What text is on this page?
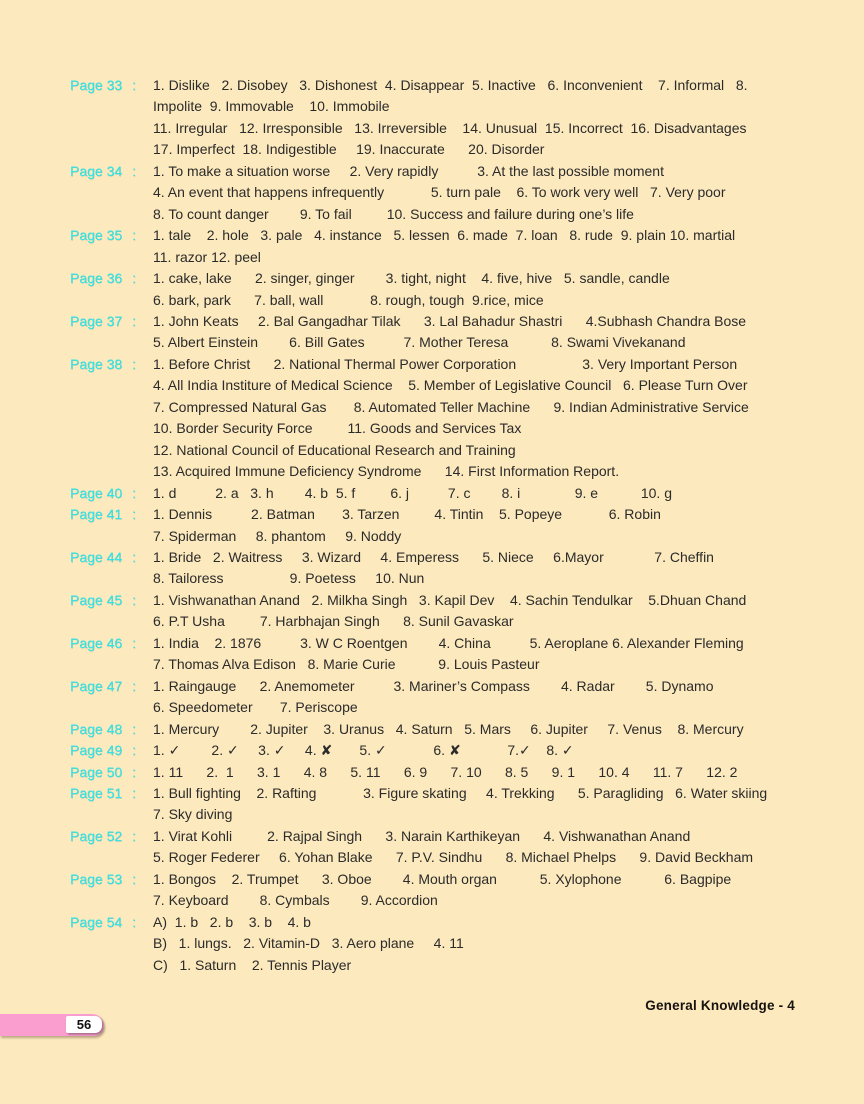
Page 33 : 1. Dislike   2. Disobey   3. Dishonest  4. Disappear  5. Inactive   6. Inconvenient    7. Informal   8.
Impolite  9. Immovable    10. Immobile
11. Irregular   12. Irresponsible   13. Irreversible    14. Unusual  15. Incorrect  16. Disadvantages
17. Imperfect  18. Indigestible     19. Inaccurate      20. Disorder
Page 34 : 1. To make a situation worse     2. Very rapidly          3. At the last possible moment
4. An event that happens infrequently            5. turn pale    6. To work very well   7. Very poor
8. To count danger        9. To fail         10. Success and failure during one’s life
Page 35 : 1. tale    2. hole   3. pale   4. instance   5. lessen  6. made  7. loan   8. rude  9. plain 10. martial
11. razor 12. peel
Page 36 : 1. cake, lake      2. singer, ginger        3. tight, night    4. five, hive   5. sandle, candle
6. bark, park      7. ball, wall            8. rough, tough  9.rice, mice
Page 37 : 1. John Keats     2. Bal Gangadhar Tilak      3. Lal Bahadur Shastri      4.Subhash Chandra Bose
5. Albert Einstein        6. Bill Gates          7. Mother Teresa           8. Swami Vivekanand
Page 38 : 1. Before Christ      2. National Thermal Power Corporation                 3. Very Important Person
4. All India Institure of Medical Science    5. Member of Legislative Council   6. Please Turn Over
7. Compressed Natural Gas       8. Automated Teller Machine      9. Indian Administrative Service
10. Border Security Force         11. Goods and Services Tax
12. National Council of Educational Research and Training
13. Acquired Immune Deficiency Syndrome      14. First Information Report.
Page 40 : 1. d          2. a   3. h        4. b  5. f         6. j          7. c        8. i              9. e           10. g
Page 41 : 1. Dennis          2. Batman       3. Tarzen         4. Tintin    5. Popeye            6. Robin
7. Spiderman     8. phantom     9. Noddy
Page 44 : 1. Bride   2. Waitress     3. Wizard     4. Emperess      5. Niece     6.Mayor             7. Cheffin
8. Tailoress                 9. Poetess     10. Nun
Page 45 : 1. Vishwanathan Anand   2. Milkha Singh   3. Kapil Dev    4. Sachin Tendulkar    5.Dhuan Chand
6. P.T Usha         7. Harbhajan Singh      8. Sunil Gavaskar
Page 46 : 1. India    2. 1876          3. W C Roentgen        4. China          5. Aeroplane 6. Alexander Fleming
7. Thomas Alva Edison   8. Marie Curie           9. Louis Pasteur
Page 47 : 1. Raingauge      2. Anemometer          3. Mariner’s Compass        4. Radar        5. Dynamo
6. Speedometer       7. Periscope
Page 48 : 1. Mercury        2. Jupiter    3. Uranus   4. Saturn   5. Mars     6. Jupiter     7. Venus    8. Mercury
Page 49 : 1. ✓        2. ✓     3. ✓     4. ✘       5. ✓            6. ✘            7.✓    8. ✓
Page 50 : 1. 11      2.  1      3. 1      4. 8      5. 11      6. 9      7. 10      8. 5      9. 1      10. 4      11. 7      12. 2
Page 51 : 1. Bull fighting    2. Rafting            3. Figure skating     4. Trekking      5. Paragliding   6. Water skiing
7. Sky diving
Page 52 : 1. Virat Kohli         2. Rajpal Singh      3. Narain Karthikeyan      4. Vishwanathan Anand
5. Roger Federer     6. Yohan Blake      7. P.V. Sindhu      8. Michael Phelps      9. David Beckham
Page 53 : 1. Bongos    2. Trumpet      3. Oboe        4. Mouth organ           5. Xylophone           6. Bagpipe
7. Keyboard        8. Cymbals        9. Accordion
Page 54 : A)  1. b   2. b    3. b    4. b
B)   1. lungs.   2. Vitamin-D   3. Aero plane     4. 11
C)   1. Saturn    2. Tennis Player
General Knowledge - 4
56
